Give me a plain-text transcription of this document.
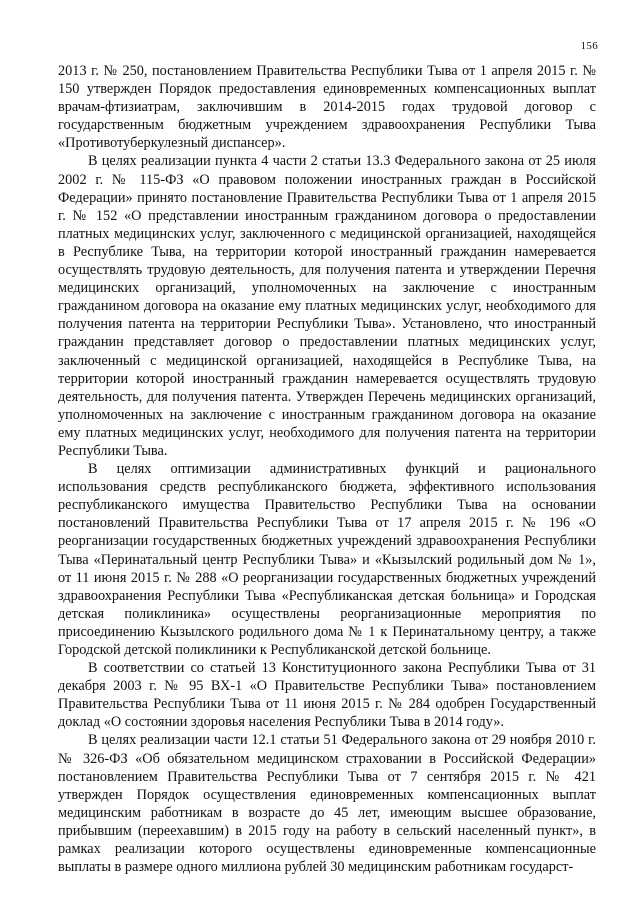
156

2013 г. № 250, постановлением Правительства Республики Тыва от 1 апреля 2015 г. № 150 утвержден Порядок предоставления единовременных компенсационных выплат врачам-фтизиатрам, заключившим в 2014-2015 годах трудовой договор с государственным бюджетным учреждением здравоохранения Республики Тыва «Противотуберкулезный диспансер».

В целях реализации пункта 4 части 2 статьи 13.3 Федерального закона от 25 июля 2002 г. № 115-ФЗ «О правовом положении иностранных граждан в Российской Федерации» принято постановление Правительства Республики Тыва от 1 апреля 2015 г. № 152 «О представлении иностранным гражданином договора о предоставлении платных медицинских услуг, заключенного с медицинской организацией, находящейся в Республике Тыва, на территории которой иностранный гражданин намеревается осуществлять трудовую деятельность, для получения патента и утверждении Перечня медицинских организаций, уполномоченных на заключение с иностранным гражданином договора на оказание ему платных медицинских услуг, необходимого для получения патента на территории Республики Тыва». Установлено, что иностранный гражданин представляет договор о предоставлении платных медицинских услуг, заключенный с медицинской организацией, находящейся в Республике Тыва, на территории которой иностранный гражданин намеревается осуществлять трудовую деятельность, для получения патента. Утвержден Перечень медицинских организаций, уполномоченных на заключение с иностранным гражданином договора на оказание ему платных медицинских услуг, необходимого для получения патента на территории Республики Тыва.

В целях оптимизации административных функций и рационального использования средств республиканского бюджета, эффективного использования республиканского имущества Правительство Республики Тыва на основании постановлений Правительства Республики Тыва от 17 апреля 2015 г. № 196 «О реорганизации государственных бюджетных учреждений здравоохранения Республики Тыва «Перинатальный центр Республики Тыва» и «Кызылский родильный дом № 1», от 11 июня 2015 г. № 288 «О реорганизации государственных бюджетных учреждений здравоохранения Республики Тыва «Республиканская детская больница» и Городская детская поликлиника» осуществлены реорганизационные мероприятия по присоединению Кызылского родильного дома № 1 к Перинатальному центру, а также Городской детской поликлиники к Республиканской детской больнице.

В соответствии со статьей 13 Конституционного закона Республики Тыва от 31 декабря 2003 г. № 95 ВХ-1 «О Правительстве Республики Тыва» постановлением Правительства Республики Тыва от 11 июня 2015 г. № 284 одобрен Государственный доклад «О состоянии здоровья населения Республики Тыва в 2014 году».

В целях реализации части 12.1 статьи 51 Федерального закона от 29 ноября 2010 г. № 326-ФЗ «Об обязательном медицинском страховании в Российской Федерации» постановлением Правительства Республики Тыва от 7 сентября 2015 г. № 421 утвержден Порядок осуществления единовременных компенсационных выплат медицинским работникам в возрасте до 45 лет, имеющим высшее образование, прибывшим (переехавшим) в 2015 году на работу в сельский населенный пункт», в рамках реализации которого осуществлены единовременные компенсационные выплаты в размере одного миллиона рублей 30 медицинским работникам государст-
